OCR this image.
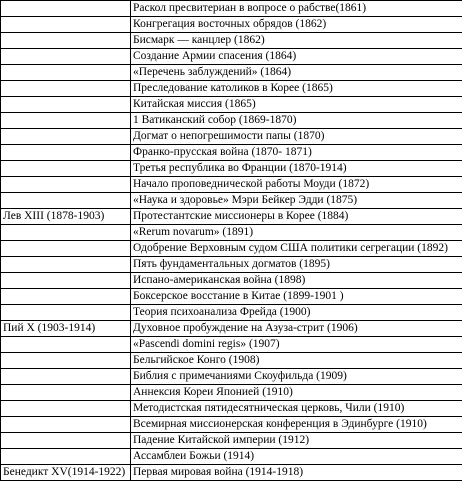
	Раскол пресвитериан в вопросе о рабстве(1861)
	Конгрегация восточных обрядов (1862)
	Бисмарк — канцлер (1862)
	Создание Армии спасения (1864)
	«Перечень заблуждений» (1864)
	Преследование католиков в Корее (1865)
	Китайская миссия (1865)
	1 Ватиканский собор (1869-1870)
	Догмат о непогрешимости папы (1870)
	Франко-прусская война (1870- 1871)
	Третья республика во Франции (1870-1914)
	Начало проповеднической работы Моуди (1872)
	«Наука и здоровье» Мэри Бейкер Эдди (1875)
Лев XIII (1878-1903)	Протестантские миссионеры в Корее (1884)
	«Rerum novarum» (1891)
	Одобрение Верховным судом США политики сегрегации (1892)
	Пять фундаментальных догматов (1895)
	Испано-американская война (1898)
	Боксерское восстание в Китае (1899-1901 )
	Теория психоанализа Фрейда (1900)
Пий X (1903-1914)	Духовное пробуждение на Азуза-стрит (1906)
	«Pascendi domini regis» (1907)
	Бельгийское Конго (1908)
	Библия с примечаниями Скоуфильда (1909)
	Аннексия Кореи Японией (1910)
	Методистская пятидесятническая церковь, Чили (1910)
	Всемирная миссионерская конференция в Эдинбурге (1910)
	Падение Китайской империи (1912)
	Ассамблеи Божьи (1914)
Бенедикт XV(1914-1922)	Первая мировая война (1914-1918)
